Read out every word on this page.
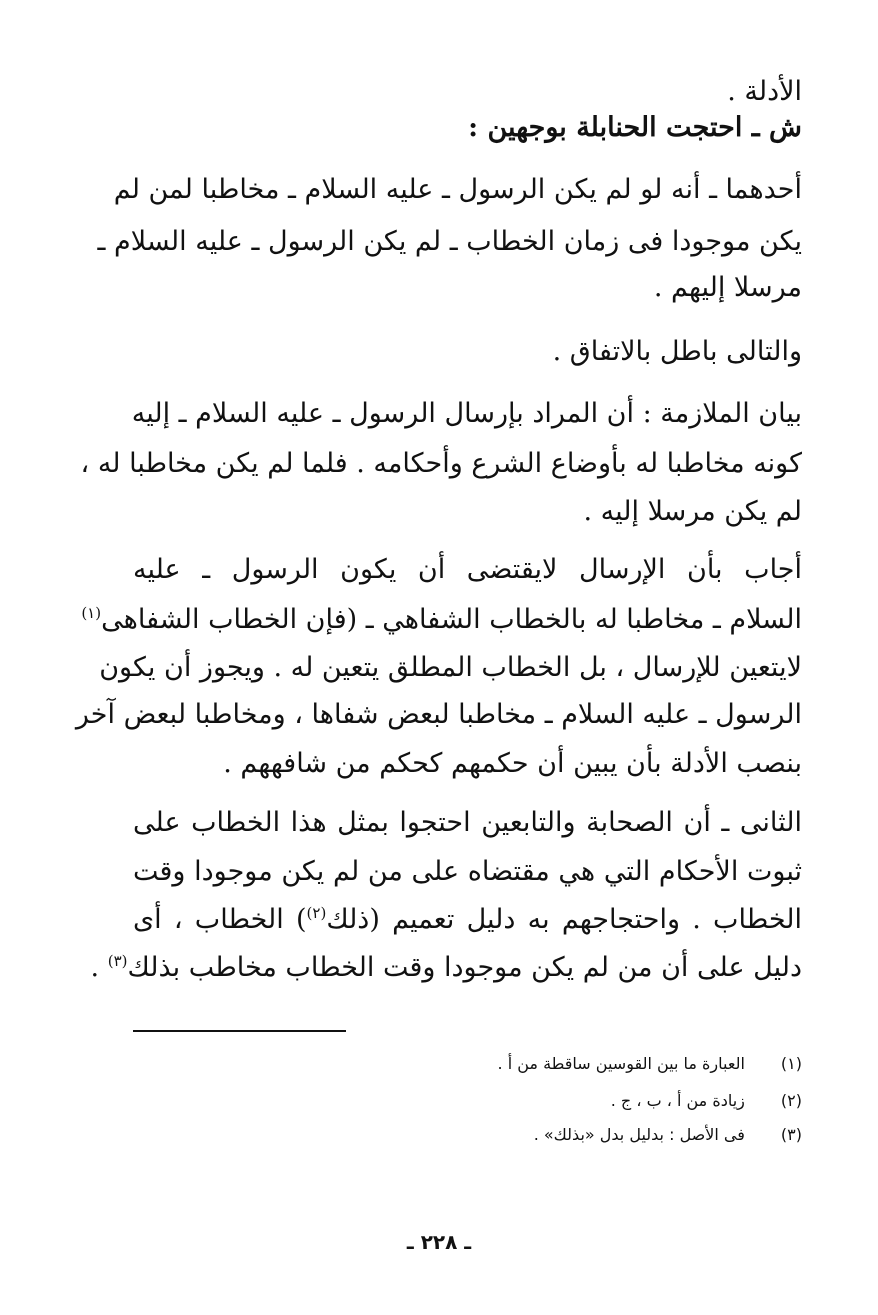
الأدلة .
ش ـ احتجت الحنابلة بوجهين :
أحدهما ـ أنه لو لم يكن الرسول ـ عليه السلام ـ مخاطبا لمن لم
يكن موجودا فى زمان الخطاب ـ لم يكن الرسول ـ عليه السلام ـ
مرسلا إليهم .
والتالى باطل بالاتفاق .
بيان الملازمة : أن المراد بإرسال الرسول ـ عليه السلام ـ إليه
كونه مخاطبا له بأوضاع الشرع وأحكامه . فلما لم يكن مخاطبا له ،
لم يكن مرسلا إليه .
أجاب بأن الإرسال لايقتضى أن يكون الرسول ـ عليه
السلام ـ مخاطبا له بالخطاب الشفاهي ـ (فإن الخطاب الشفاهى$^{(١)}$
لايتعين للإرسال ، بل الخطاب المطلق يتعين له . ويجوز أن يكون
الرسول ـ عليه السلام ـ مخاطبا لبعض شفاها ، ومخاطبا لبعض آخر
بنصب الأدلة بأن يبين أن حكمهم كحكم من شافههم .
الثانى ـ أن الصحابة والتابعين احتجوا بمثل هذا الخطاب على
ثبوت الأحكام التي هي مقتضاه على من لم يكن موجودا وقت
الخطاب . واحتجاجهم به دليل تعميم (ذلك$^{(٢)}$) الخطاب ، أى
دليل على أن من لم يكن موجودا وقت الخطاب مخاطب بذلك$^{(٣)}$ .
(١) العبارة ما بين القوسين ساقطة من أ .
(٢) زيادة من أ ، ب ، ج .
(٣) فى الأصل : بدليل بدل «بذلك» .
ـ ٢٢٨ ـ
